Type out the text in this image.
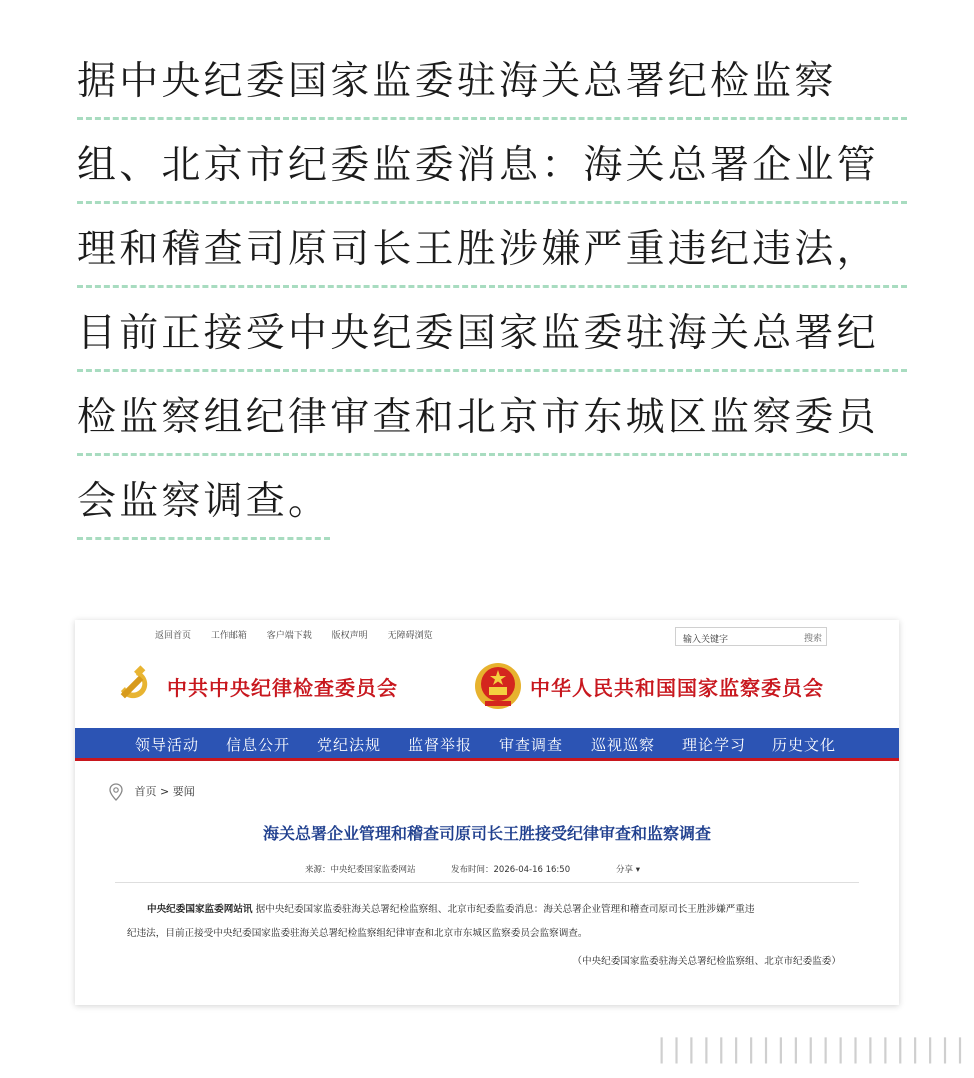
据中央纪委国家监委驻海关总署纪检监察
组、北京市纪委监委消息：海关总署企业管
理和稽查司原司长王胜涉嫌严重违纪违法，
目前正接受中央纪委国家监委驻海关总署纪
检监察组纪律审查和北京市东城区监察委员
会监察调查。
返回首页 工作邮箱 客户端下载 版权声明 无障碍浏览	输入关键字	搜索
中共中央纪律检查委员会	中华人民共和国国家监察委员会
领导活动 信息公开 党纪法规 监督举报 审查调查 巡视巡察 理论学习 历史文化
首页 > 要闻
海关总署企业管理和稽查司原司长王胜接受纪律审查和监察调查
来源：中央纪委国家监委网站	发布时间：2026-04-16 16:50	分享 ▾
中央纪委国家监委网站讯 据中央纪委国家监委驻海关总署纪检监察组、北京市纪委监委消息：海关总署企业管理和稽查司原司长王胜涉嫌严重违
纪违法，目前正接受中央纪委国家监委驻海关总署纪检监察组纪律审查和北京市东城区监察委员会监察调查。
（中央纪委国家监委驻海关总署纪检监察组、北京市纪委监委）
▏▏▏▏▏▏▏▏▏▏▏▏▏▏▏▏▏▏▏▏▏
